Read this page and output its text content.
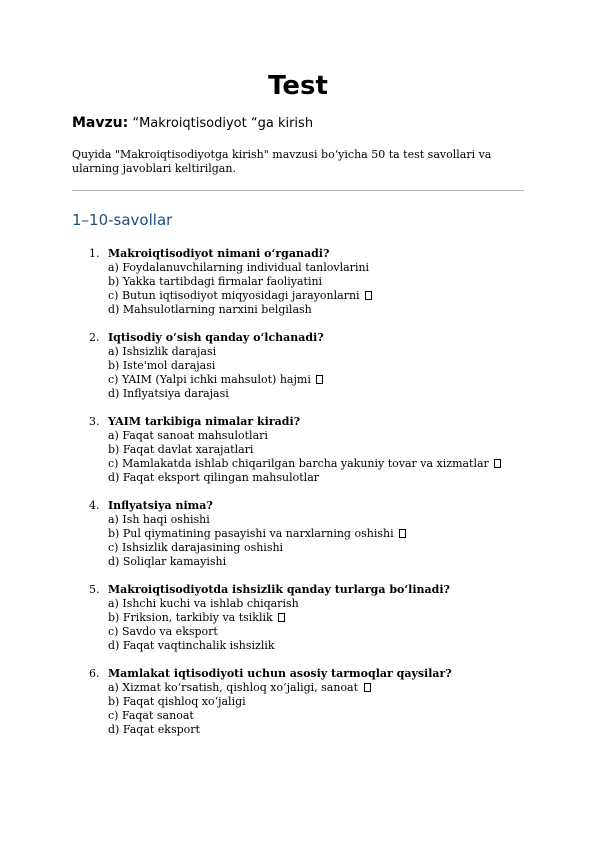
Test
Mavzu: “Makroiqtisodiyot “ga kirish
Quyida "Makroiqtisodiyotga kirish" mavzusi bo‘yicha 50 ta test savollari va ularning javoblari keltirilgan.
1–10-savollar
1. Makroiqtisodiyot nimani o‘rganadi?
a) Foydalanuvchilarning individual tanlovlarini
b) Yakka tartibdagi firmalar faoliyatini
c) Butun iqtisodiyot miqyosidagi jarayonlarni
d) Mahsulotlarning narxini belgilash
2. Iqtisodiy o‘sish qanday o‘lchanadi?
a) Ishsizlik darajasi
b) Iste'mol darajasi
c) YAIM (Yalpi ichki mahsulot) hajmi
d) Inflyatsiya darajasi
3. YAIM tarkibiga nimalar kiradi?
a) Faqat sanoat mahsulotlari
b) Faqat davlat xarajatlari
c) Mamlakatda ishlab chiqarilgan barcha yakuniy tovar va xizmatlar
d) Faqat eksport qilingan mahsulotlar
4. Inflyatsiya nima?
a) Ish haqi oshishi
b) Pul qiymatining pasayishi va narxlarning oshishi
c) Ishsizlik darajasining oshishi
d) Soliqlar kamayishi
5. Makroiqtisodiyotda ishsizlik qanday turlarga bo‘linadi?
a) Ishchi kuchi va ishlab chiqarish
b) Friksion, tarkibiy va tsiklik
c) Savdo va eksport
d) Faqat vaqtinchalik ishsizlik
6. Mamlakat iqtisodiyoti uchun asosiy tarmoqlar qaysilar?
a) Xizmat ko‘rsatish, qishloq xo‘jaligi, sanoat
b) Faqat qishloq xo‘jaligi
c) Faqat sanoat
d) Faqat eksport
